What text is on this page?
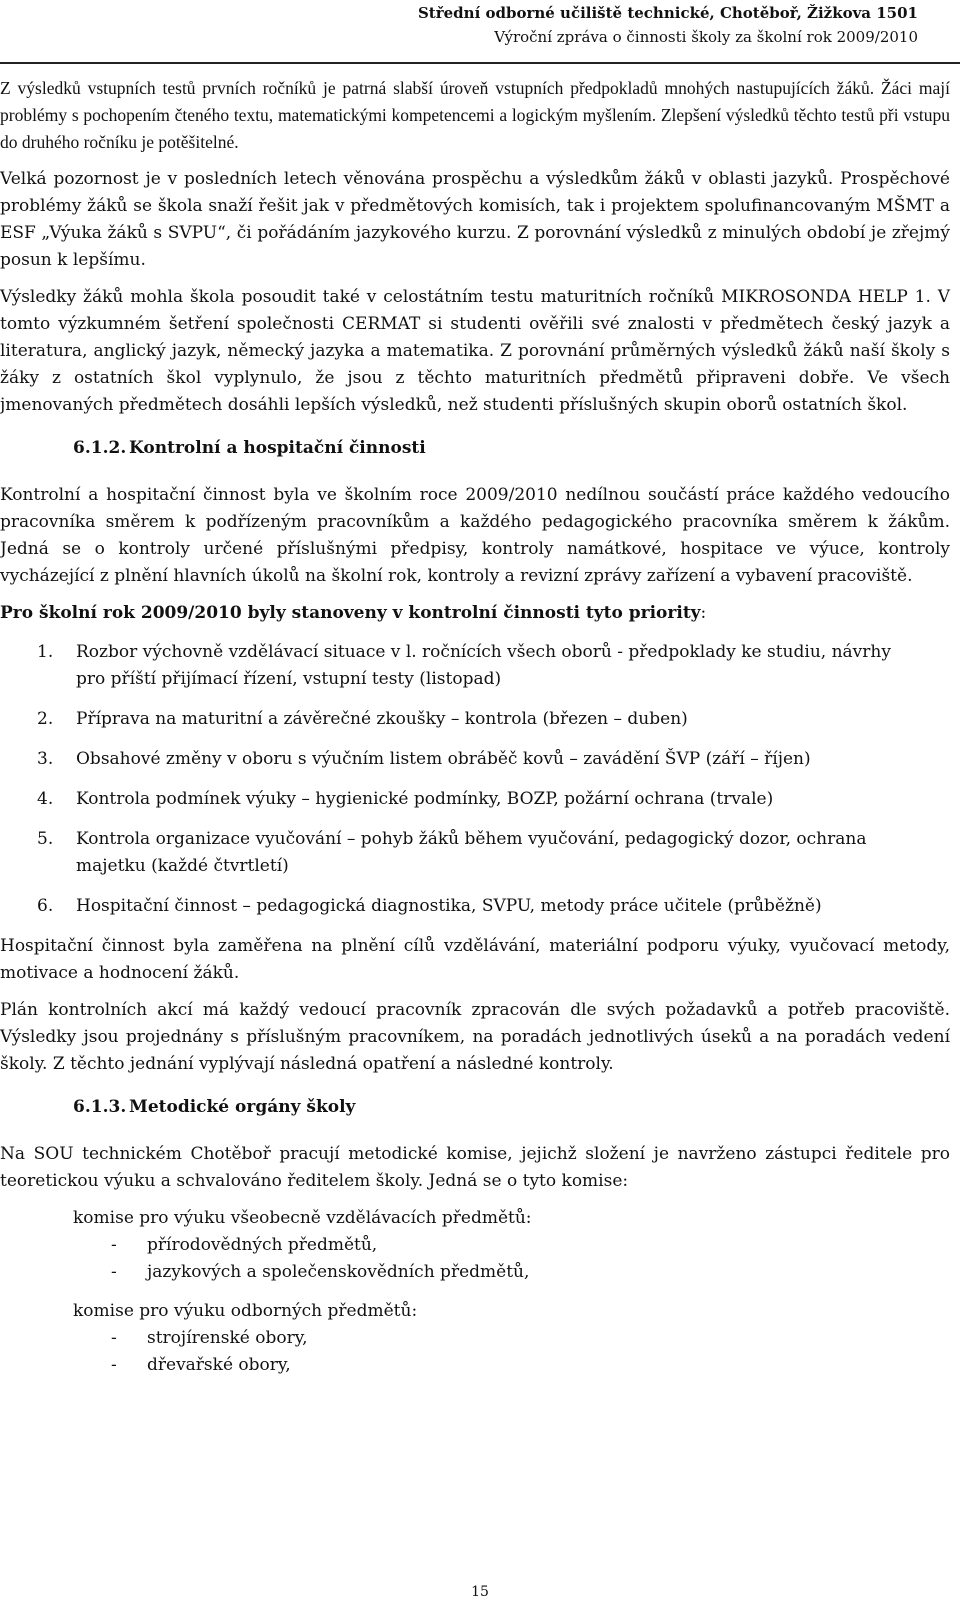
Střední odborné učiliště technické, Chotěboř, Žižkova 1501
Výroční zpráva o činnosti školy za školní rok 2009/2010

Z výsledků vstupních testů prvních ročníků je patrná slabší úroveň vstupních předpokladů mnohých nastupujících žáků. Žáci mají problémy s pochopením čteného textu, matematickými kompetencemi a logickým myšlením. Zlepšení výsledků těchto testů při vstupu do druhého ročníku je potěšitelné.

Velká pozornost je v posledních letech věnována prospěchu a výsledkům žáků v oblasti jazyků. Prospěchové problémy žáků se škola snaží řešit jak v předmětových komisích, tak i projektem spolufinancovaným MŠMT a ESF „Výuka žáků s SVPU“, či pořádáním jazykového kurzu. Z porovnání výsledků z minulých období je zřejmý posun k lepšímu.

Výsledky žáků mohla škola posoudit také v celostátním testu maturitních ročníků MIKROSONDA HELP 1. V tomto výzkumném šetření společnosti CERMAT si studenti ověřili své znalosti v předmětech český jazyk a literatura, anglický jazyk, německý jazyka a matematika. Z porovnání průměrných výsledků žáků naší školy s žáky z ostatních škol vyplynulo, že jsou z těchto maturitních předmětů připraveni dobře. Ve všech jmenovaných předmětech dosáhli lepších výsledků, než studenti příslušných skupin oborů ostatních škol.

6.1.2. Kontrolní a hospitační činnosti

Kontrolní a hospitační činnost byla ve školním roce 2009/2010 nedílnou součástí práce každého vedoucího pracovníka směrem k podřízeným pracovníkům a každého pedagogického pracovníka směrem k žákům. Jedná se o kontroly určené příslušnými předpisy, kontroly namátkové, hospitace ve výuce, kontroly vycházející z plnění hlavních úkolů na školní rok, kontroly a revizní zprávy zařízení a vybavení pracoviště.

Pro školní rok 2009/2010 byly stanoveny v kontrolní činnosti tyto priority:
1. Rozbor výchovně vzdělávací situace v l. ročnících všech oborů - předpoklady ke studiu, návrhy pro příští přijímací řízení, vstupní testy (listopad)
2. Příprava na maturitní a závěrečné zkoušky – kontrola (březen – duben)
3. Obsahové změny v oboru s výučním listem obráběč kovů – zavádění ŠVP (září – říjen)
4. Kontrola podmínek výuky – hygienické podmínky, BOZP, požární ochrana (trvale)
5. Kontrola organizace vyučování – pohyb žáků během vyučování, pedagogický dozor, ochrana majetku (každé čtvrtletí)
6. Hospitační činnost – pedagogická diagnostika, SVPU, metody práce učitele (průběžně)

Hospitační činnost byla zaměřena na plnění cílů vzdělávání, materiální podporu výuky, vyučovací metody, motivace a hodnocení žáků.

Plán kontrolních akcí má každý vedoucí pracovník zpracován dle svých požadavků a potřeb pracoviště. Výsledky jsou projednány s příslušným pracovníkem, na poradách jednotlivých úseků a na poradách vedení školy. Z těchto jednání vyplývají následná opatření a následné kontroly.

6.1.3. Metodické orgány školy

Na SOU technickém Chotěboř pracují metodické komise, jejichž složení je navrženo zástupci ředitele pro teoretickou výuku a schvalováno ředitelem školy. Jedná se o tyto komise:

komise pro výuku všeobecně vzdělávacích předmětů:
- přírodovědných předmětů,
- jazykových a společenskovědních předmětů,
komise pro výuku odborných předmětů:
- strojírenské obory,
- dřevařské obory,
15
